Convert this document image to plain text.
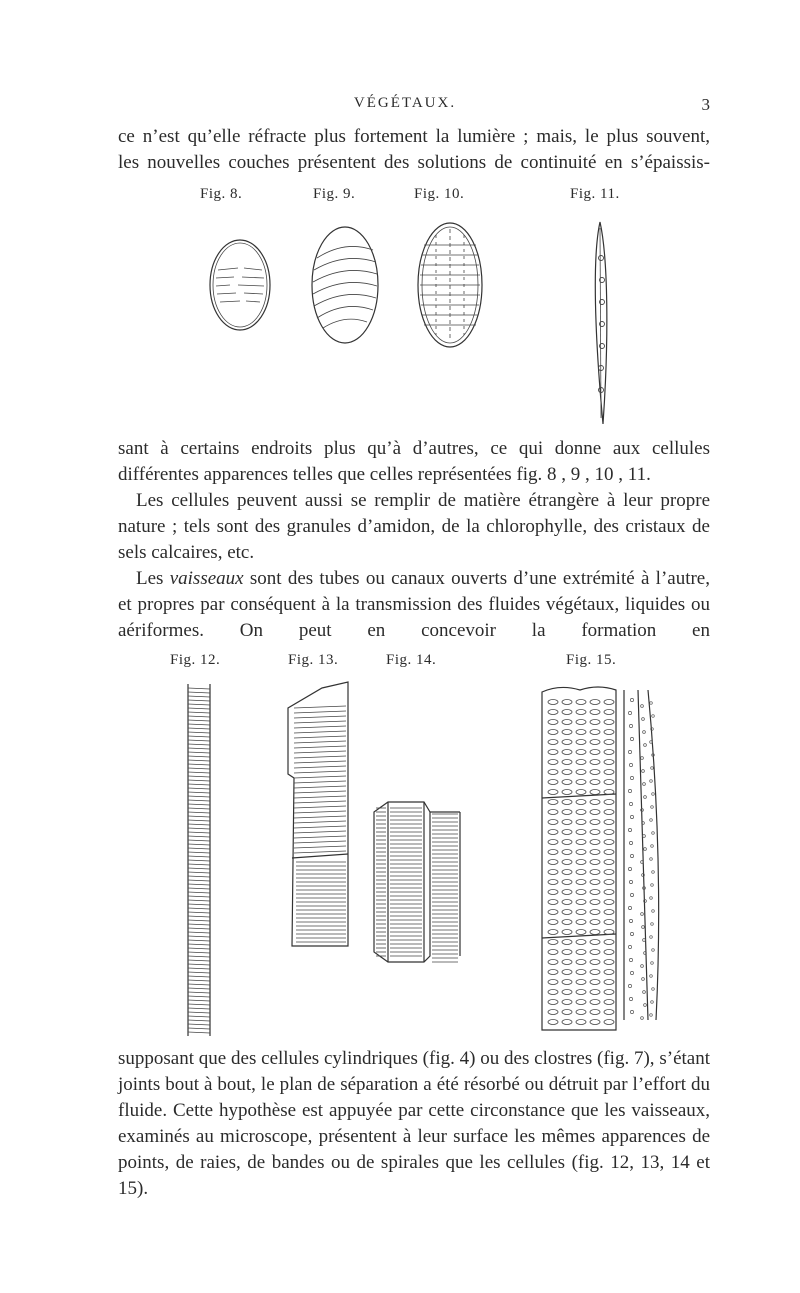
VÉGÉTAUX.	3

ce n’est qu’elle réfracte plus fortement la lumière ; mais, le plus souvent,

les nouvelles couches présentent des solutions de continuité en s’épaissis-

Fig. 8.	Fig. 9.	Fig. 10.	Fig. 11.

sant à certains endroits plus qu’à d’autres, ce qui donne aux cellules différentes apparences telles que celles représentées fig. 8 , 9 , 10 , 11.

Les cellules peuvent aussi se remplir de matière étrangère à leur propre nature ; tels sont des granules d’amidon, de la chlorophylle, des cristaux de sels calcaires, etc.

Les vaisseaux sont des tubes ou canaux ouverts d’une extrémité à l’autre, et propres par conséquent à la transmission des fluides végétaux, liquides ou aériformes. On peut en concevoir la formation en

Fig. 12.	Fig. 13.	Fig. 14.	Fig. 15.

supposant que des cellules cylindriques (fig. 4) ou des clostres (fig. 7), s’étant joints bout à bout, le plan de séparation a été résorbé ou détruit par l’effort du fluide. Cette hypothèse est appuyée par cette circonstance que les vaisseaux, examinés au microscope, présentent à leur surface les mêmes apparences de points, de raies, de bandes ou de spirales que les cellules (fig. 12, 13, 14 et 15).
